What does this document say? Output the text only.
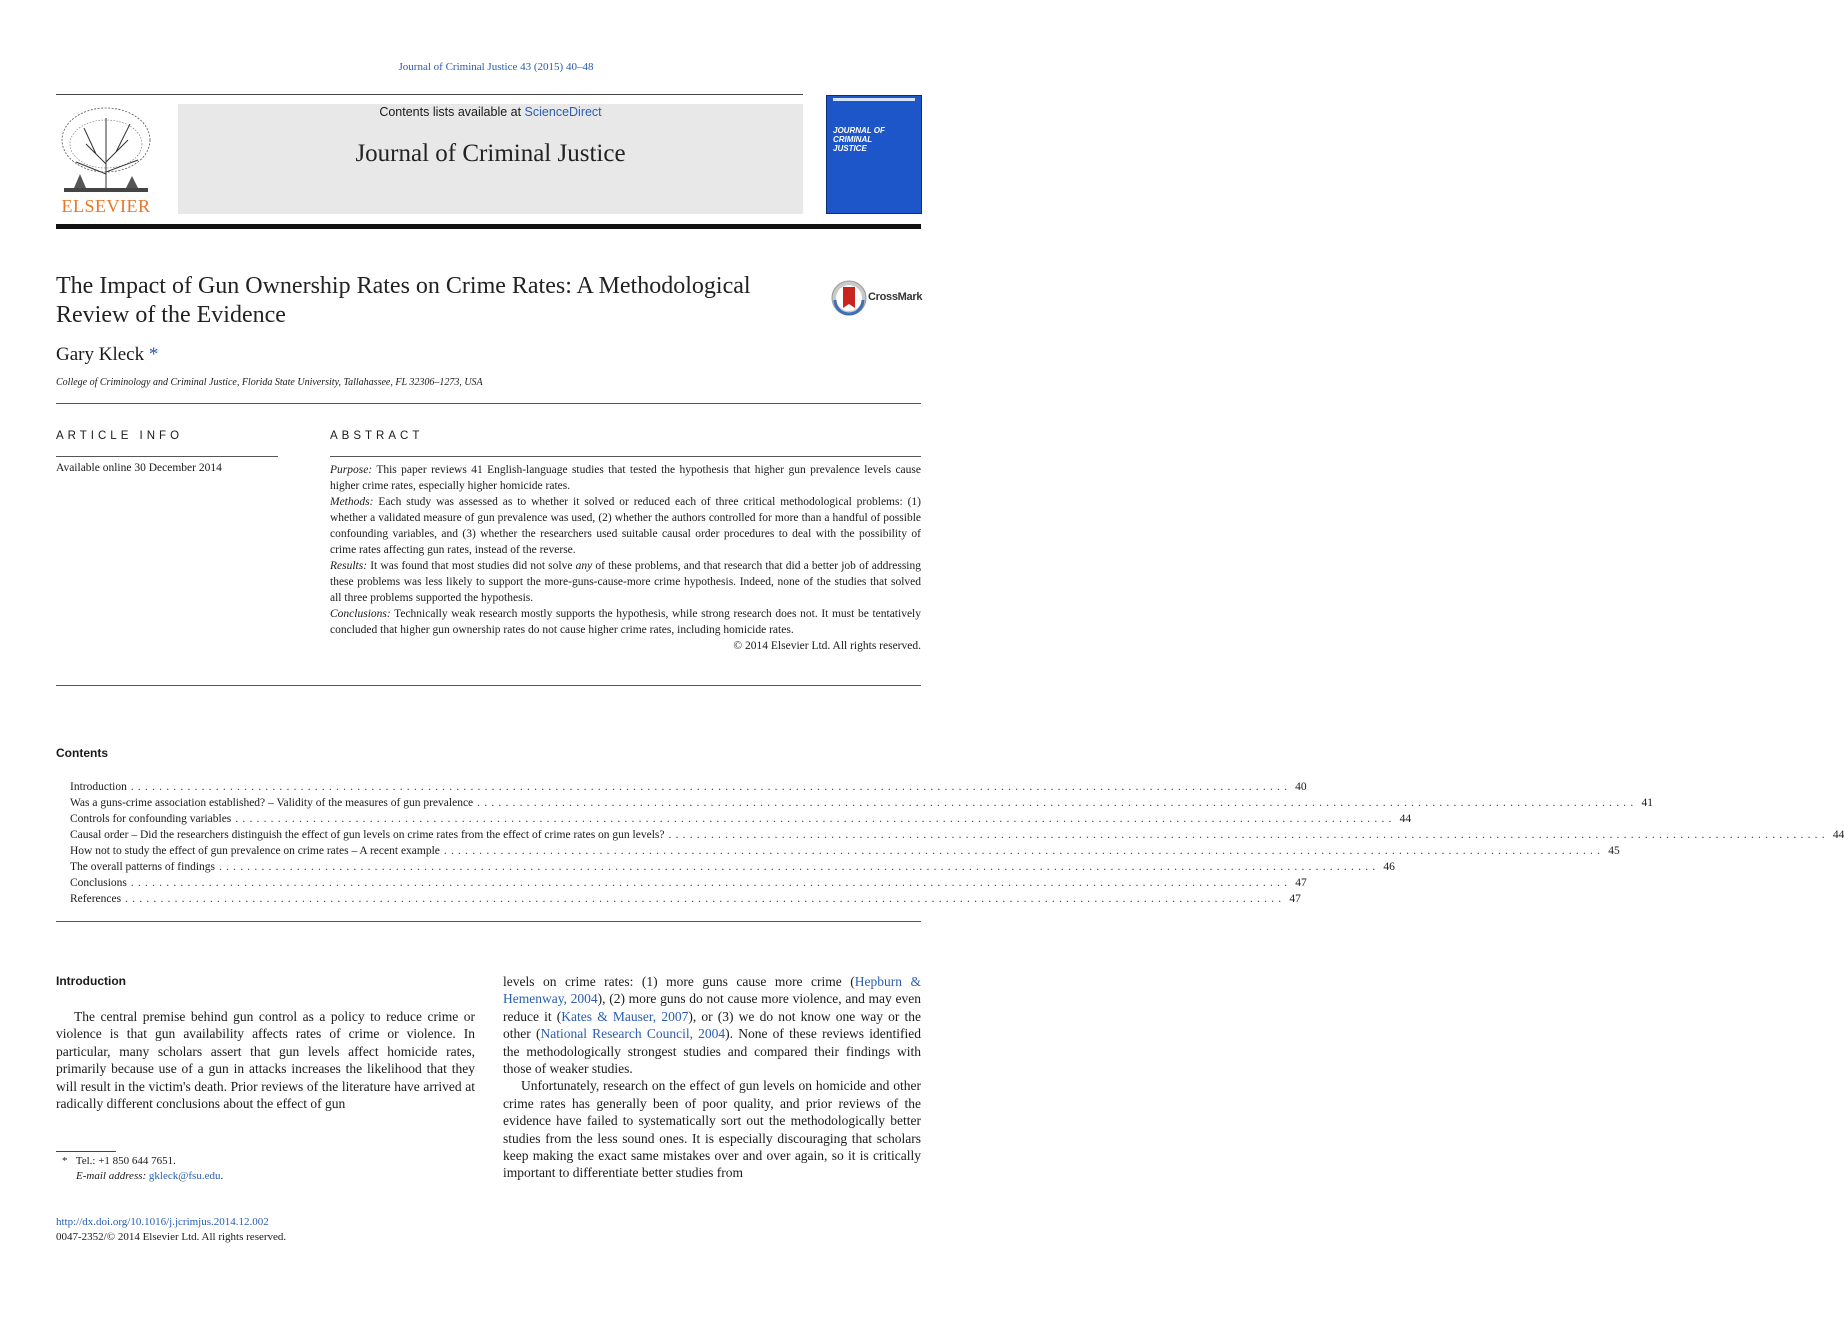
Journal of Criminal Justice 43 (2015) 40–48
Contents lists available at ScienceDirect
Journal of Criminal Justice
ELSEVIER
JOURNAL OF CRIMINAL JUSTICE
The Impact of Gun Ownership Rates on Crime Rates: A Methodological Review of the Evidence
CrossMark
Gary Kleck *
College of Criminology and Criminal Justice, Florida State University, Tallahassee, FL 32306–1273, USA
ARTICLE INFO
Available online 30 December 2014
ABSTRACT

Purpose: This paper reviews 41 English-language studies that tested the hypothesis that higher gun prevalence levels cause higher crime rates, especially higher homicide rates.

Methods: Each study was assessed as to whether it solved or reduced each of three critical methodological problems: (1) whether a validated measure of gun prevalence was used, (2) whether the authors controlled for more than a handful of possible confounding variables, and (3) whether the researchers used suitable causal order procedures to deal with the possibility of crime rates affecting gun rates, instead of the reverse.

Results: It was found that most studies did not solve any of these problems, and that research that did a better job of addressing these problems was less likely to support the more-guns-cause-more crime hypothesis. Indeed, none of the studies that solved all three problems supported the hypothesis.

Conclusions: Technically weak research mostly supports the hypothesis, while strong research does not. It must be tentatively concluded that higher gun ownership rates do not cause higher crime rates, including homicide rates.

© 2014 Elsevier Ltd. All rights reserved.

Contents
Introduction .................................................................................................................................................................... 40
Was a guns-crime association established? – Validity of the measures of gun prevalence .................................................................................................................................................................... 41
Controls for confounding variables .................................................................................................................................................................... 44
Causal order – Did the researchers distinguish the effect of gun levels on crime rates from the effect of crime rates on gun levels? .................................................................................................................................................................... 44
How not to study the effect of gun prevalence on crime rates – A recent example .................................................................................................................................................................... 45
The overall patterns of findings .................................................................................................................................................................... 46
Conclusions .................................................................................................................................................................... 47
References .................................................................................................................................................................... 47
Introduction

The central premise behind gun control as a policy to reduce crime or violence is that gun availability affects rates of crime or violence. In particular, many scholars assert that gun levels affect homicide rates, primarily because use of a gun in attacks increases the likelihood that they will result in the victim's death. Prior reviews of the literature have arrived at radically different conclusions about the effect of gun

levels on crime rates: (1) more guns cause more crime (Hepburn & Hemenway, 2004), (2) more guns do not cause more violence, and may even reduce it (Kates & Mauser, 2007), or (3) we do not know one way or the other (National Research Council, 2004). None of these reviews identified the methodologically strongest studies and compared their findings with those of weaker studies.

Unfortunately, research on the effect of gun levels on homicide and other crime rates has generally been of poor quality, and prior reviews of the evidence have failed to systematically sort out the methodologically better studies from the less sound ones. It is especially discouraging that scholars keep making the exact same mistakes over and over again, so it is critically important to differentiate better studies from

* Tel.: +1 850 644 7651.
E-mail address: gkleck@fsu.edu.
http://dx.doi.org/10.1016/j.jcrimjus.2014.12.002
0047-2352/© 2014 Elsevier Ltd. All rights reserved.
